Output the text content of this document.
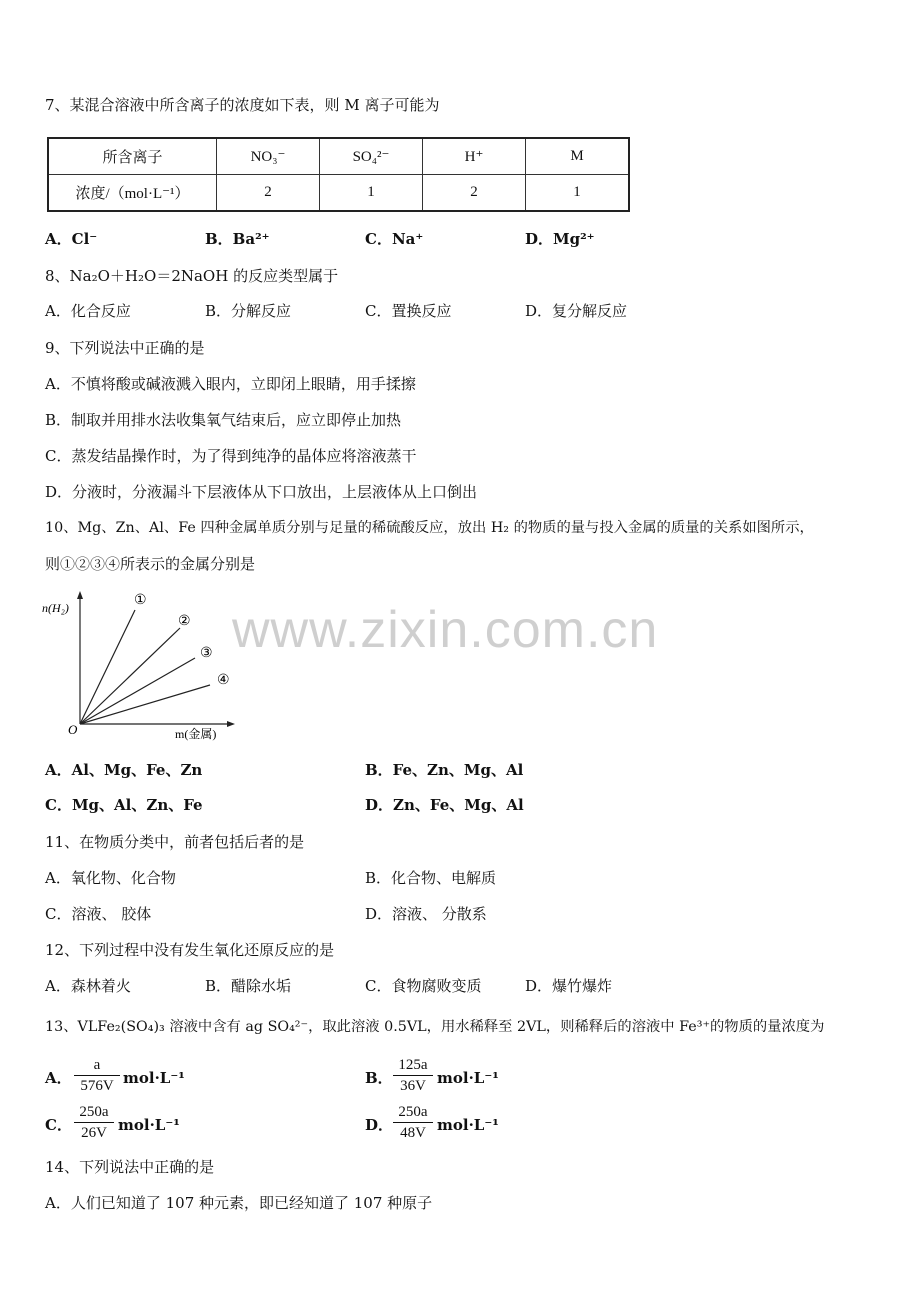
www.zixin.com.cn
7、某混合溶液中所含离子的浓度如下表，则 M 离子可能为
所含离子	NO₃⁻	SO₄²⁻	H⁺	M
浓度/（mol·L⁻¹）	2	1	2	1
A．Cl⁻	B．Ba²⁺	C．Na⁺	D．Mg²⁺
8、Na₂O＋H₂O＝2NaOH 的反应类型属于
A．化合反应	B．分解反应	C．置换反应	D．复分解反应
9、下列说法中正确的是
A．不慎将酸或碱液溅入眼内，立即闭上眼睛，用手揉擦
B．制取并用排水法收集氧气结束后，应立即停止加热
C．蒸发结晶操作时，为了得到纯净的晶体应将溶液蒸干
D．分液时，分液漏斗下层液体从下口放出，上层液体从上口倒出
10、Mg、Zn、Al、Fe 四种金属单质分别与足量的稀硫酸反应，放出 H₂ 的物质的量与投入金属的质量的关系如图所示，
则①②③④所表示的金属分别是
n(H₂)
m(金属)
O
①
②
③
④
A．Al、Mg、Fe、Zn	B．Fe、Zn、Mg、Al
C．Mg、Al、Zn、Fe	D．Zn、Fe、Mg、Al
11、在物质分类中，前者包括后者的是
A．氧化物、化合物	B．化合物、电解质
C．溶液、 胶体	D．溶液、 分散系
12、下列过程中没有发生氧化还原反应的是
A．森林着火	B．醋除水垢	C．食物腐败变质	D．爆竹爆炸
13、VLFe₂(SO₄)₃ 溶液中含有 ag SO₄²⁻，取此溶液 0.5VL，用水稀释至 2VL，则稀释后的溶液中 Fe³⁺的物质的量浓度为
A． $\frac{a}{576V} mol\cdot L^{-1}$	B． $\frac{125a}{36V} mol\cdot L^{-1}$
C． $\frac{250a}{26V} mol\cdot L^{-1}$	D． $\frac{250a}{48V} mol\cdot L^{-1}$
14、下列说法中正确的是
A．人们已知道了 107 种元素，即已经知道了 107 种原子
